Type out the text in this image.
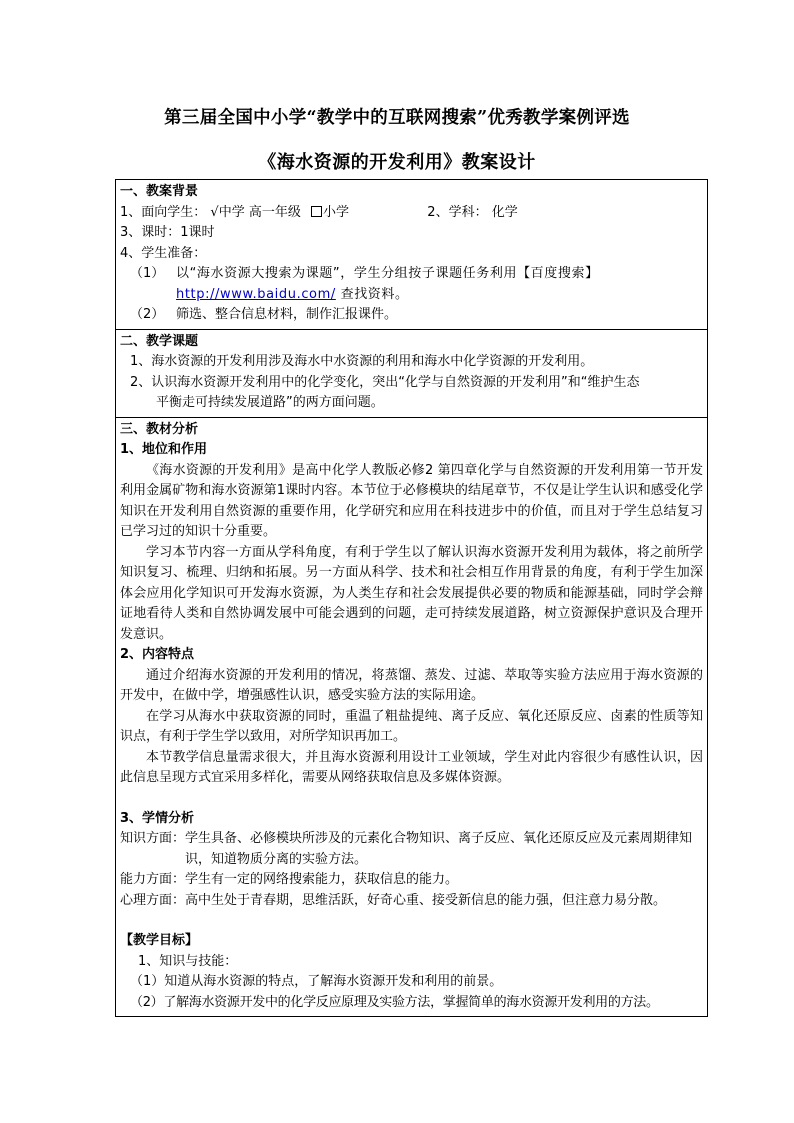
第三届全国中小学“教学中的互联网搜索”优秀教学案例评选
《海水资源的开发利用》教案设计
一、教案背景
1、面向学生： √中学 高一年级 小学	2、学科： 化学
3、课时：1课时
4、学生准备：
（1） 以“海水资源大搜索为课题”，学生分组按子课题任务利用【百度搜索】
http://www.baidu.com/ 查找资料。
（2） 筛选、整合信息材料，制作汇报课件。

二、教学课题
1、海水资源的开发利用涉及海水中水资源的利用和海水中化学资源的开发利用。
2、认识海水资源开发利用中的化学变化，突出“化学与自然资源的开发利用”和“维护生态
平衡走可持续发展道路”的两方面问题。

三、教材分析
1、地位和作用
《海水资源的开发利用》是高中化学人教版必修2 第四章化学与自然资源的开发利用第一节开发利用金属矿物和海水资源第1课时内容。本节位于必修模块的结尾章节，不仅是让学生认识和感受化学知识在开发利用自然资源的重要作用，化学研究和应用在科技进步中的价值，而且对于学生总结复习已学习过的知识十分重要。
学习本节内容一方面从学科角度，有利于学生以了解认识海水资源开发利用为载体，将之前所学知识复习、梳理、归纳和拓展。另一方面从科学、技术和社会相互作用背景的角度，有利于学生加深体会应用化学知识可开发海水资源，为人类生存和社会发展提供必要的物质和能源基础，同时学会辩证地看待人类和自然协调发展中可能会遇到的问题，走可持续发展道路，树立资源保护意识及合理开发意识。
2、内容特点
通过介绍海水资源的开发利用的情况，将蒸馏、蒸发、过滤、萃取等实验方法应用于海水资源的开发中，在做中学，增强感性认识，感受实验方法的实际用途。
在学习从海水中获取资源的同时，重温了粗盐提纯、离子反应、氧化还原反应、卤素的性质等知识点，有利于学生学以致用，对所学知识再加工。
本节教学信息量需求很大，并且海水资源利用设计工业领域，学生对此内容很少有感性认识，因此信息呈现方式宜采用多样化，需要从网络获取信息及多媒体资源。
3、学情分析
知识方面： 学生具备、必修模块所涉及的元素化合物知识、离子反应、氧化还原反应及元素周期律知识，知道物质分离的实验方法。
能力方面： 学生有一定的网络搜索能力，获取信息的能力。
心理方面： 高中生处于青春期，思维活跃，好奇心重、接受新信息的能力强，但注意力易分散。
【教学目标】
1、知识与技能：
（1）知道从海水资源的特点，了解海水资源开发和利用的前景。
（2）了解海水资源开发中的化学反应原理及实验方法，掌握简单的海水资源开发利用的方法。
